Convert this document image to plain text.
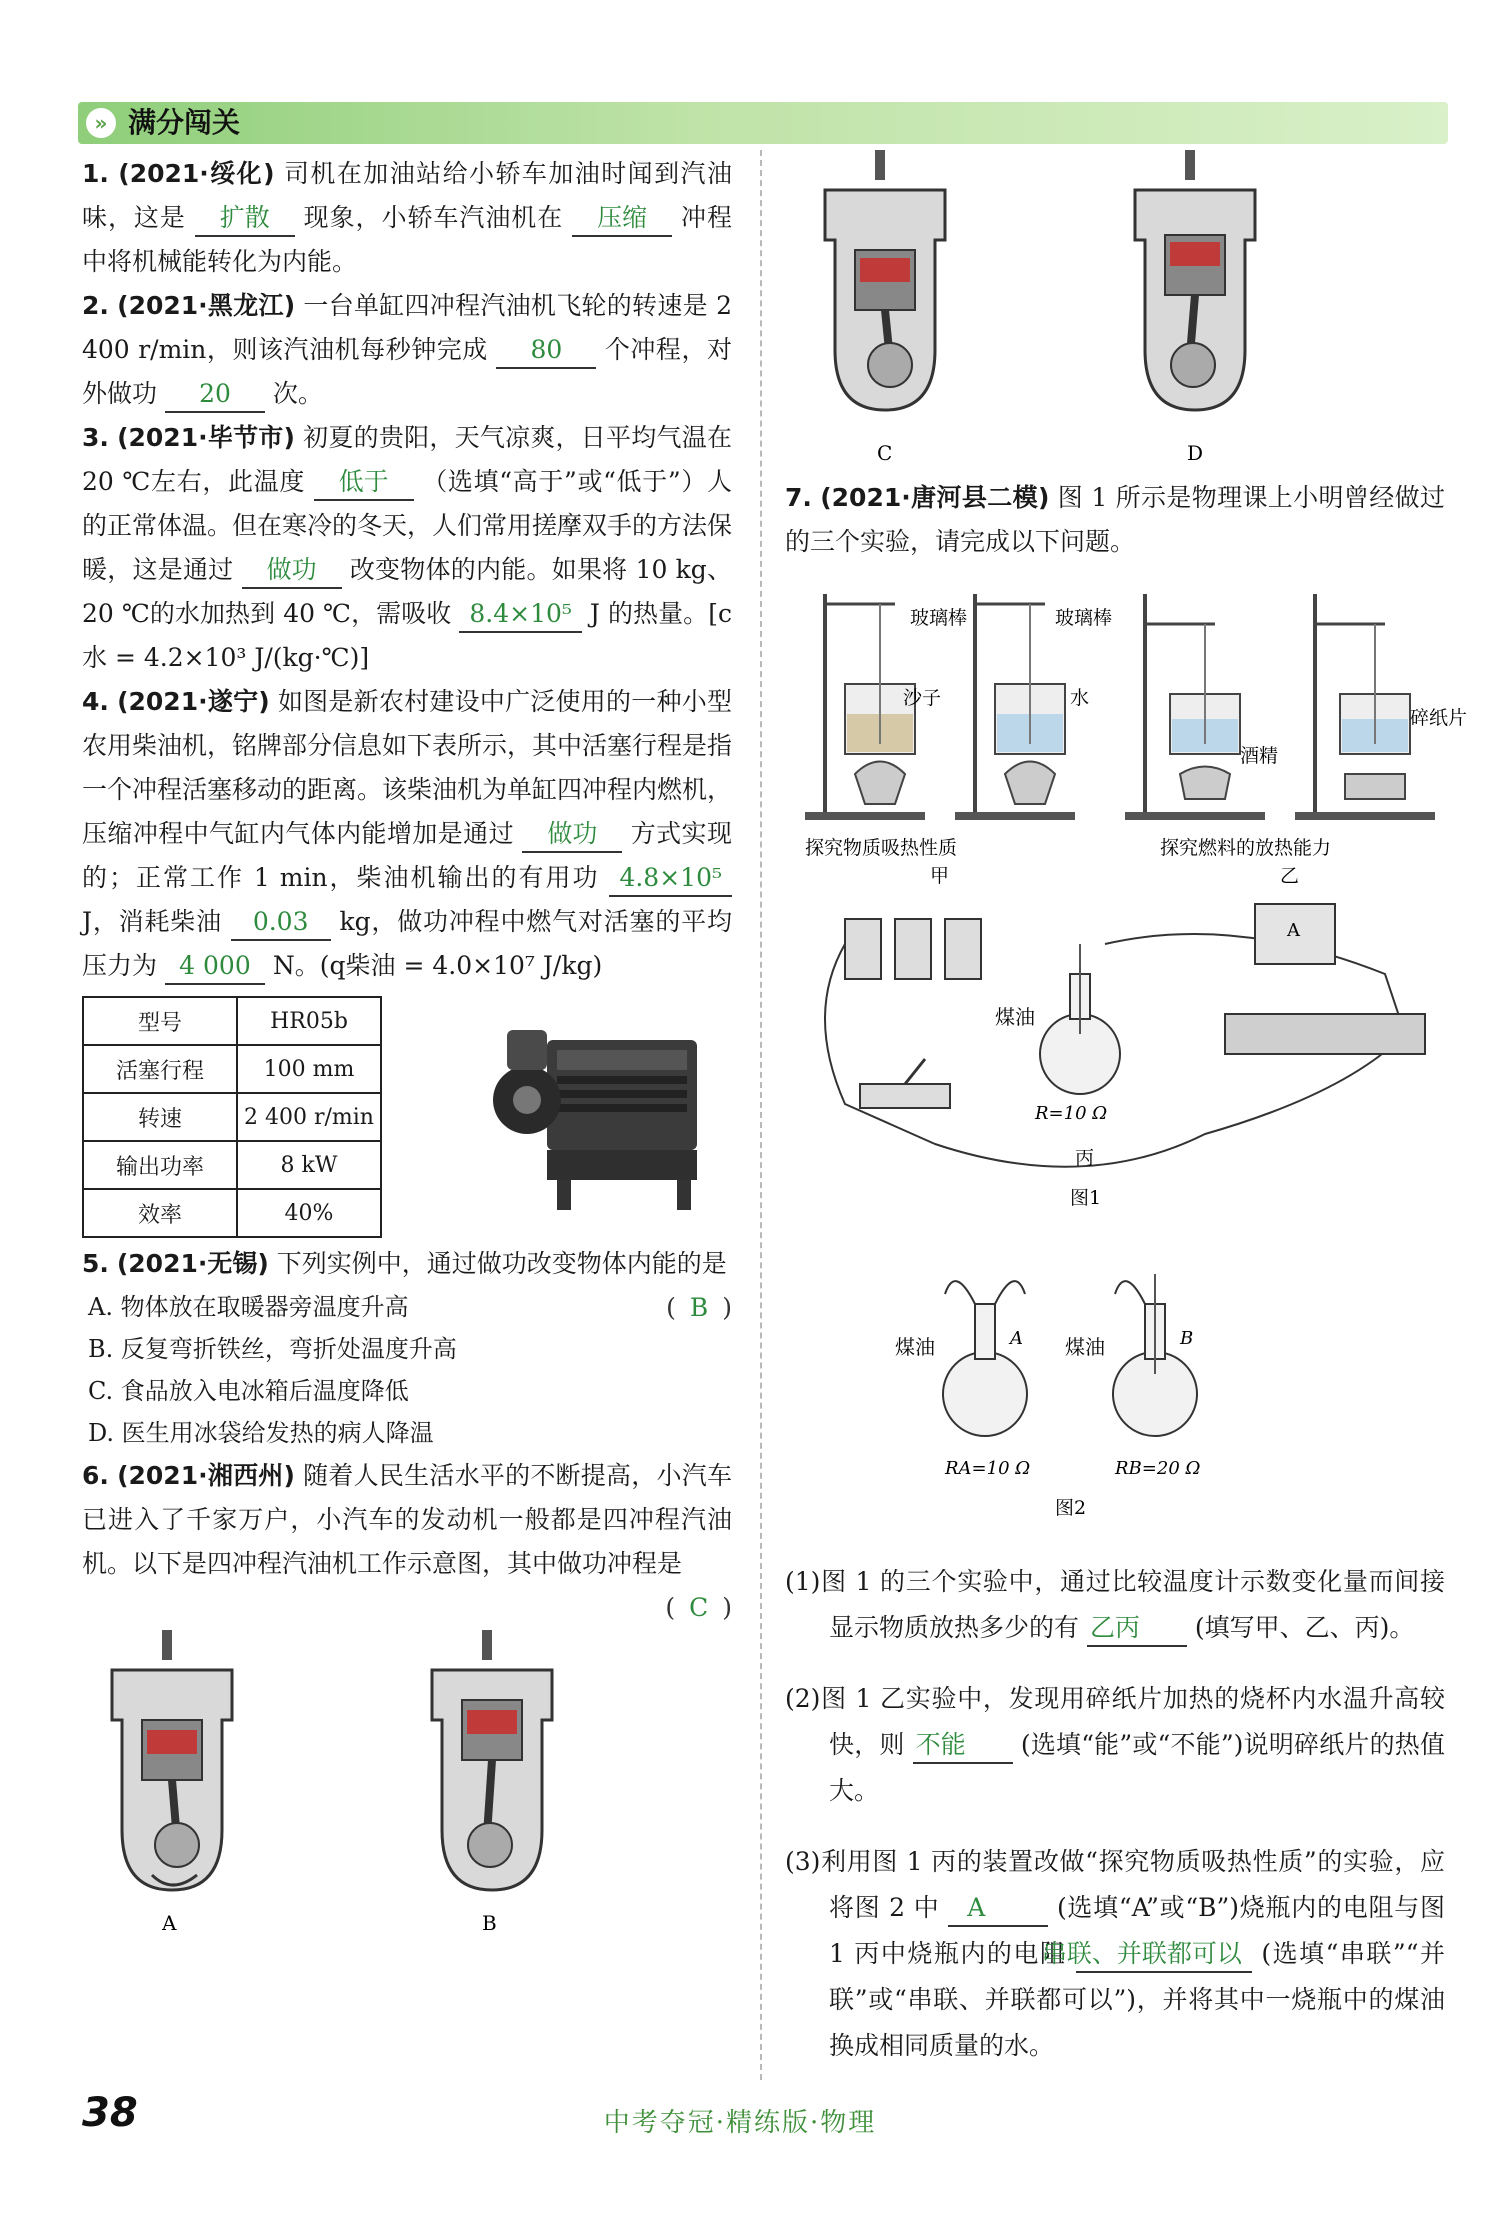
» 满分闯关

1. (2021·绥化) 司机在加油站给小轿车加油时闻到汽油味，这是 扩散 现象，小轿车汽油机在 压缩 冲程中将机械能转化为内能。

2. (2021·黑龙江) 一台单缸四冲程汽油机飞轮的转速是 2 400 r/min，则该汽油机每秒钟完成 80 个冲程，对外做功 20 次。

3. (2021·毕节市) 初夏的贵阳，天气凉爽，日平均气温在 20 ℃左右，此温度 低于 （选填“高于”或“低于”）人的正常体温。但在寒冷的冬天，人们常用搓摩双手的方法保暖，这是通过 做功 改变物体的内能。如果将 10 kg、20 ℃的水加热到 40 ℃，需吸收 8.4×10⁵ J 的热量。[c水 = 4.2×10³ J/(kg·℃)]

4. (2021·遂宁) 如图是新农村建设中广泛使用的一种小型农用柴油机，铭牌部分信息如下表所示，其中活塞行程是指一个冲程活塞移动的距离。该柴油机为单缸四冲程内燃机，压缩冲程中气缸内气体内能增加是通过 做功 方式实现的；正常工作 1 min，柴油机输出的有用功 4.8×10⁵ J，消耗柴油 0.03 kg，做功冲程中燃气对活塞的平均压力为 4 000 N。(q柴油 = 4.0×10⁷ J/kg)

型号	HR05b
活塞行程	100 mm
转速	2 400 r/min
输出功率	8 kW
效率	40%

5. (2021·无锡) 下列实例中，通过做功改变物体内能的是
( B )

A. 物体放在取暖器旁温度升高
B. 反复弯折铁丝，弯折处温度升高
C. 食品放入电冰箱后温度降低
D. 医生用冰袋给发热的病人降温

6. (2021·湘西州) 随着人民生活水平的不断提高，小汽车已进入了千家万户，小汽车的发动机一般都是四冲程汽油机。以下是四冲程汽油机工作示意图，其中做功冲程是
( C )

A	B
C	D

7. (2021·唐河县二模) 图 1 所示是物理课上小明曾经做过的三个实验，请完成以下问题。

玻璃棒
沙子
玻璃棒
水
探究物质吸热性质
甲
酒精
碎纸片
探究燃料的放热能力
乙
A
煤油
R=10 Ω
丙
图1
煤油	A
RA=10 Ω
煤油	B
RB=20 Ω
图2

(1)图 1 的三个实验中，通过比较温度计示数变化量而间接显示物质放热多少的有 乙丙 (填写甲、乙、丙)。

(2)图 1 乙实验中，发现用碎纸片加热的烧杯内水温升高较快，则 不能 (选填“能”或“不能”)说明碎纸片的热值大。

(3)利用图 1 丙的装置改做“探究物质吸热性质”的实验，应将图 2 中 A	(选填“A”或“B”)烧瓶内的电阻与图 1 丙中烧瓶内的电阻 串联、并联都可以 (选填“串联”“并联”或“串联、并联都可以”)，并将其中一烧瓶中的煤油换成相同质量的水。

38	中考夺冠·精练版·物理
